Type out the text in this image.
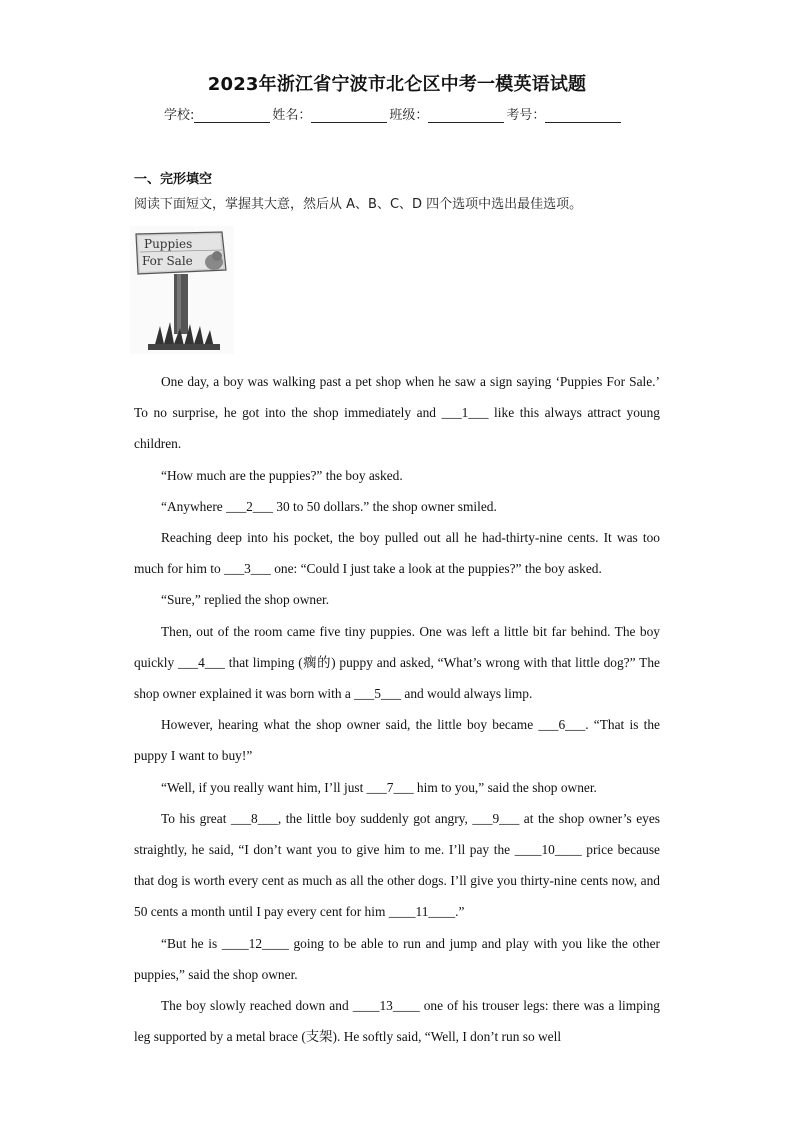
2023年浙江省宁波市北仑区中考一模英语试题
学校:	姓名：	班级：	考号：
一、完形填空
阅读下面短文，掌握其大意，然后从 A、B、C、D 四个选项中选出最佳选项。
Puppies
For Sale

One day, a boy was walking past a pet shop when he saw a sign saying ‘Puppies For Sale.’ To no surprise, he got into the shop immediately and ___1___ like this always attract young children.

“How much are the puppies?” the boy asked.

“Anywhere ___2___ 30 to 50 dollars.” the shop owner smiled.

Reaching deep into his pocket, the boy pulled out all he had-thirty-nine cents. It was too much for him to ___3___ one: “Could I just take a look at the puppies?” the boy asked.

“Sure,” replied the shop owner.

Then, out of the room came five tiny puppies. One was left a little bit far behind. The boy quickly ___4___ that limping (瘸的) puppy and asked, “What’s wrong with that little dog?” The shop owner explained it was born with a ___5___ and would always limp.

However, hearing what the shop owner said, the little boy became ___6___. “That is the puppy I want to buy!”

“Well, if you really want him, I’ll just ___7___ him to you,” said the shop owner.

To his great ___8___, the little boy suddenly got angry, ___9___ at the shop owner’s eyes straightly, he said, “I don’t want you to give him to me. I’ll pay the ____10____ price because that dog is worth every cent as much as all the other dogs. I’ll give you thirty-nine cents now, and 50 cents a month until I pay every cent for him ____11____.”

“But he is ____12____ going to be able to run and jump and play with you like the other puppies,” said the shop owner.

The boy slowly reached down and ____13____ one of his trouser legs: there was a limping leg supported by a metal brace (支架). He softly said, “Well, I don’t run so well
